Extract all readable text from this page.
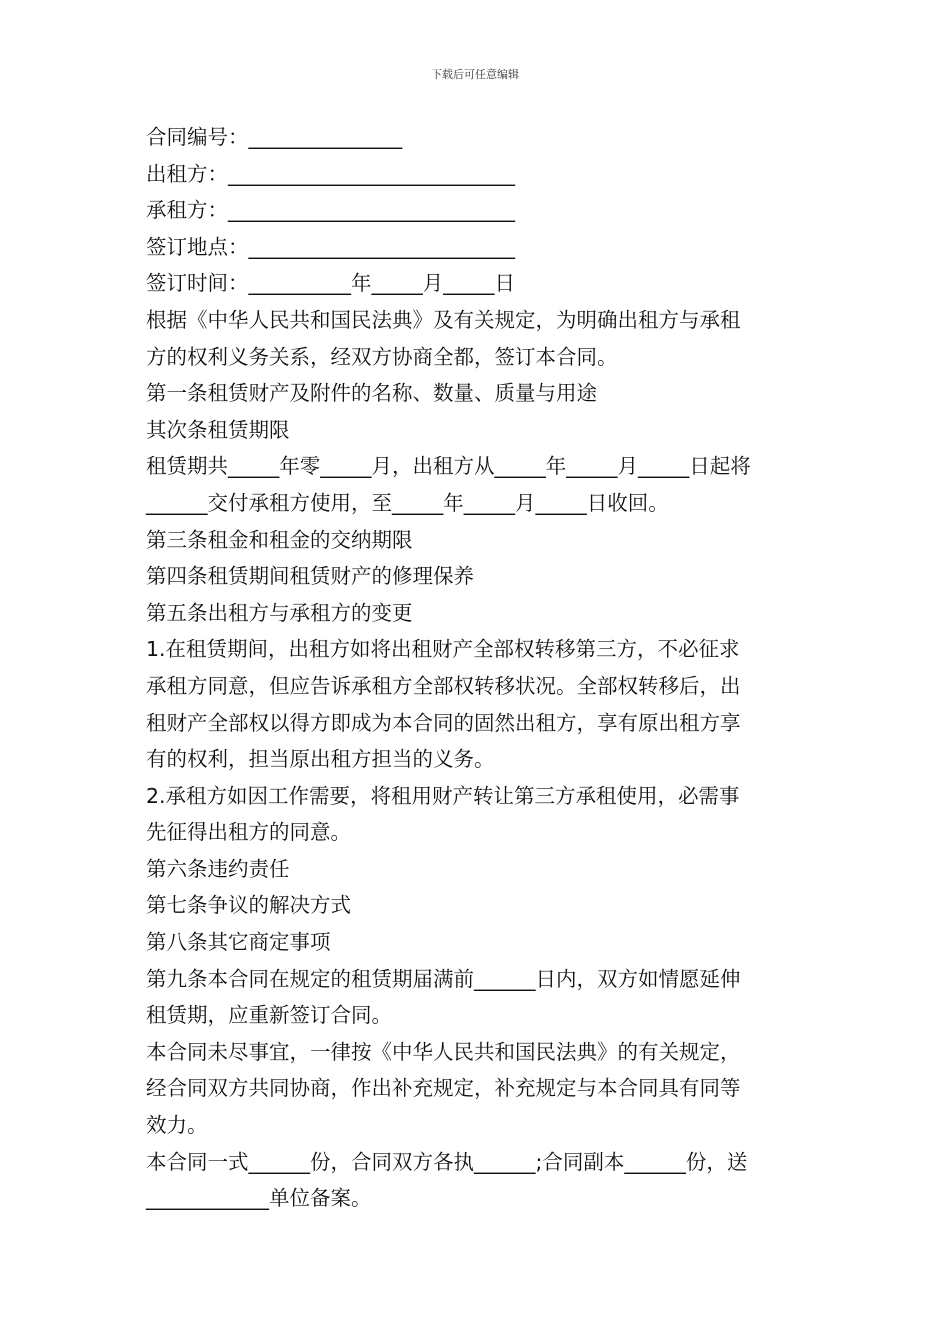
下载后可任意编辑
合同编号：_______________
出租方：____________________________
承租方：____________________________
签订地点：__________________________
签订时间：__________年_____月_____日
根据《中华人民共和国民法典》及有关规定，为明确出租方与承租
方的权利义务关系，经双方协商全都，签订本合同。
第一条租赁财产及附件的名称、数量、质量与用途
其次条租赁期限
租赁期共_____年零_____月，出租方从_____年_____月_____日起将
______交付承租方使用，至_____年_____月_____日收回。
第三条租金和租金的交纳期限
第四条租赁期间租赁财产的修理保养
第五条出租方与承租方的变更
1.在租赁期间，出租方如将出租财产全部权转移第三方，不必征求
承租方同意，但应告诉承租方全部权转移状况。全部权转移后，出
租财产全部权以得方即成为本合同的固然出租方，享有原出租方享
有的权利，担当原出租方担当的义务。
2.承租方如因工作需要，将租用财产转让第三方承租使用，必需事
先征得出租方的同意。
第六条违约责任
第七条争议的解决方式
第八条其它商定事项
第九条本合同在规定的租赁期届满前______日内，双方如情愿延伸
租赁期，应重新签订合同。
本合同未尽事宜，一律按《中华人民共和国民法典》的有关规定，
经合同双方共同协商，作出补充规定，补充规定与本合同具有同等
效力。
本合同一式______份，合同双方各执______;合同副本______份，送
____________单位备案。
